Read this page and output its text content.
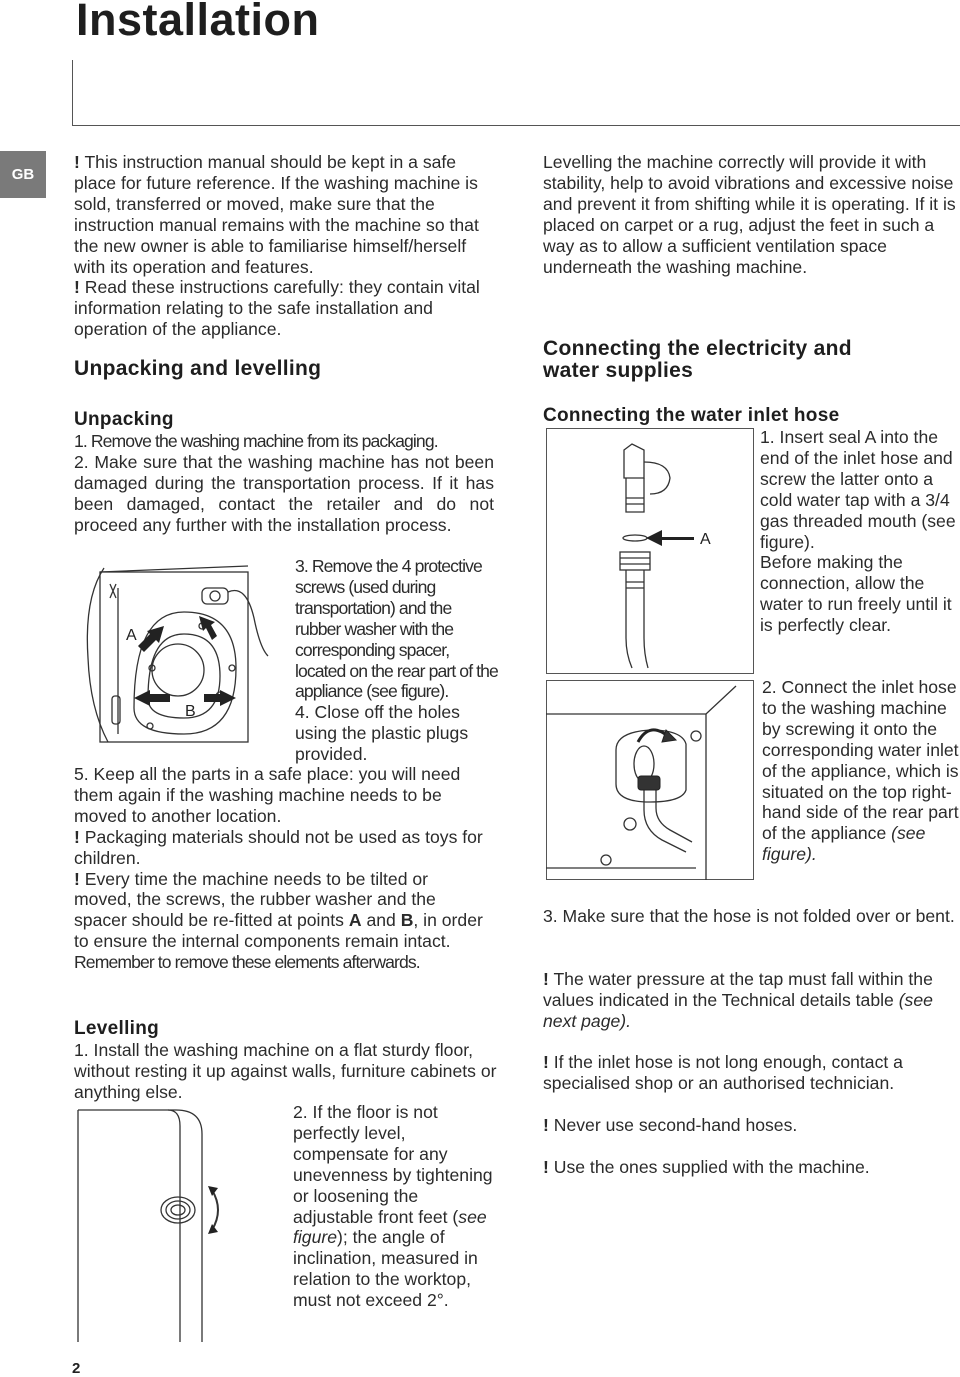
Installation
GB

! This instruction manual should be kept in a safe place for future reference. If the washing machine is sold, transferred or moved, make sure that the instruction manual remains with the machine so that the new owner is able to familiarise himself/herself with its operation and features.

! Read these instructions carefully: they contain vital information relating to the safe installation and operation of the appliance.

Unpacking and levelling
Unpacking

1. Remove the washing machine from its packaging.

2. Make sure that the washing machine has not been damaged during the transportation process. If it has been damaged, contact the retailer and do not proceed any further with the installation process.

A
B
3. Remove the 4 protective screws (used during transportation) and the rubber washer with the corresponding spacer, located on the rear part of the appliance (see figure).
4. Close off the holes using the plastic plugs provided.

5. Keep all the parts in a safe place: you will need them again if the washing machine needs to be moved to another location.

! Packaging materials should not be used as toys for children.

! Every time the machine needs to be tilted or moved, the screws, the rubber washer and the spacer should be re-fitted at points A and B, in order to ensure the internal components remain intact.

Remember to remove these elements afterwards.

Levelling
1. Install the washing machine on a flat sturdy floor, without resting it up against walls, furniture cabinets or anything else.
2. If the floor is not perfectly level, compensate for any unevenness by tightening or loosening the adjustable front feet (see figure); the angle of inclination, measured in relation to the worktop, must not exceed 2°.
Levelling the machine correctly will provide it with stability, help to avoid vibrations and excessive noise and prevent it from shifting while it is operating. If it is placed on carpet or a rug, adjust the feet in such a way as to allow a sufficient ventilation space underneath the washing machine.
Connecting the electricity and
water supplies
Connecting the water inlet hose
A

1. Insert seal A into the end of the inlet hose and screw the latter onto a cold water tap with a 3/4 gas threaded mouth (see figure).

Before making the connection, allow the water to run freely until it is perfectly clear.

2. Connect the inlet hose to the washing machine by screwing it onto the corresponding water inlet of the appliance, which is situated on the top right-hand side of the rear part of the appliance (see figure).
3. Make sure that the hose is not folded over or bent.
! The water pressure at the tap must fall within the values indicated in the Technical details table (see next page).
! If the inlet hose is not long enough, contact a specialised shop or an authorised technician.
! Never use second-hand hoses.
! Use the ones supplied with the machine.
2
